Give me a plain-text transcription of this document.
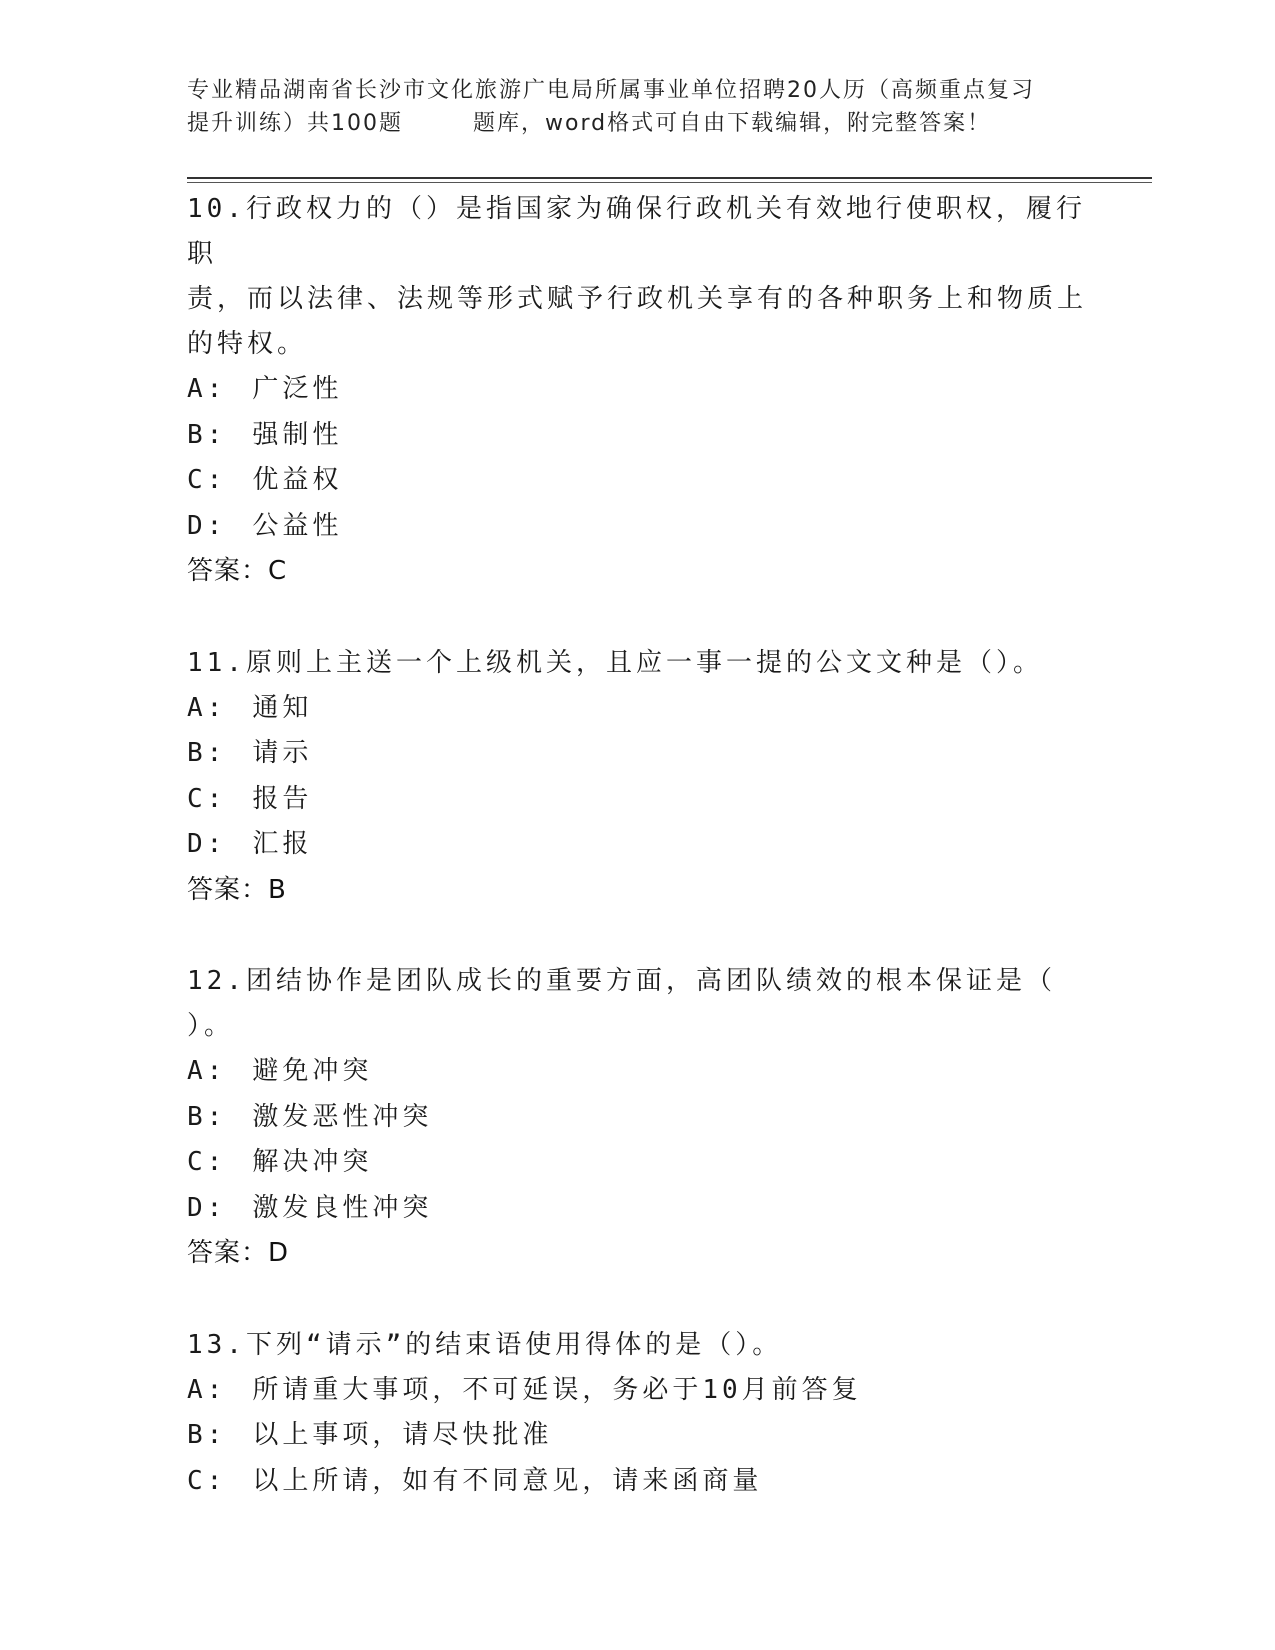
专业精品湖南省长沙市文化旅游广电局所属事业单位招聘20人历（高频重点复习
提升训练）共100题	题库，word格式可自由下载编辑，附完整答案！

10.行政权力的（）是指国家为确保行政机关有效地行使职权，履行职

责，而以法律、法规等形式赋予行政机关享有的各种职务上和物质上

的特权。

A: 广泛性

B: 强制性

C: 优益权

D: 公益性

答案：C

11.原则上主送一个上级机关，且应一事一提的公文文种是（）。

A: 通知

B: 请示

C: 报告

D: 汇报

答案：B

12.团结协作是团队成长的重要方面，高团队绩效的根本保证是（

）。

A: 避免冲突

B: 激发恶性冲突

C: 解决冲突

D: 激发良性冲突

答案：D

13.下列“请示”的结束语使用得体的是（）。

A: 所请重大事项，不可延误，务必于10月前答复

B: 以上事项，请尽快批准

C: 以上所请，如有不同意见，请来函商量
